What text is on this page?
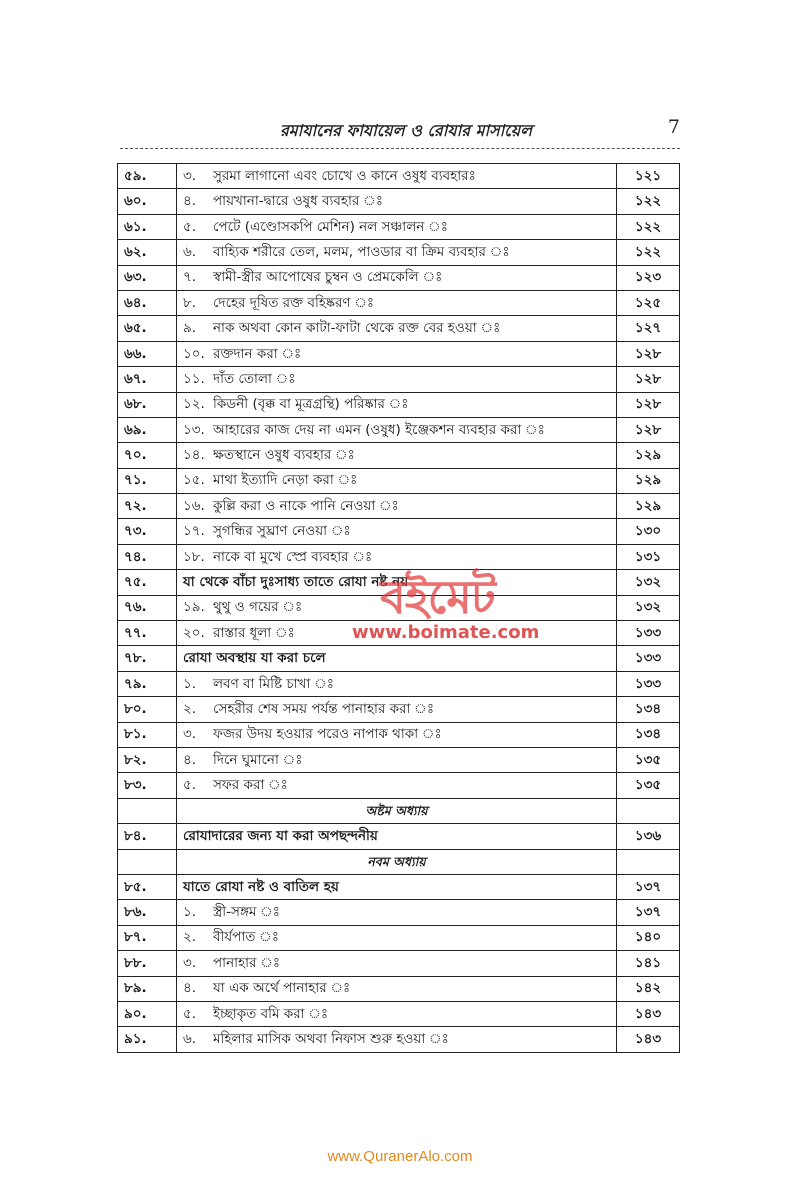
রমাযানের ফাযায়েল ও রোযার মাসায়েল	7
৫৯.	৩. সুরমা লাগানো এবং চোখে ও কানে ওষুধ ব্যবহারঃ	১২১
৬০.	৪. পায়খানা-দ্বারে ওষুধ ব্যবহার ঃ	১২২
৬১.	৫. পেটে (এণ্ডোসকপি মেশিন) নল সঞ্চালন ঃ	১২২
৬২.	৬. বাহ্যিক শরীরে তেল, মলম, পাওডার বা ক্রিম ব্যবহার ঃ	১২২
৬৩.	৭. স্বামী-স্ত্রীর আপোষের চুম্বন ও প্রেমকেলি ঃ	১২৩
৬৪.	৮. দেহের দূষিত রক্ত বহিষ্করণ ঃ	১২৫
৬৫.	৯. নাক অথবা কোন কাটা-ফাটা থেকে রক্ত বের হওয়া ঃ	১২৭
৬৬.	১০. রক্তদান করা ঃ	১২৮
৬৭.	১১. দাঁত তোলা ঃ	১২৮
৬৮.	১২. কিডনী (বৃক্ক বা মূত্রগ্রন্থি) পরিষ্কার ঃ	১২৮
৬৯.	১৩. আহারের কাজ দেয় না এমন (ওষুধ) ইঞ্জেকশন ব্যবহার করা ঃ	১২৮
৭০.	১৪. ক্ষতস্থানে ওষুধ ব্যবহার ঃ	১২৯
৭১.	১৫. মাথা ইত্যাদি নেড়া করা ঃ	১২৯
৭২.	১৬. কুল্লি করা ও নাকে পানি নেওয়া ঃ	১২৯
৭৩.	১৭. সুগন্ধির সুঘ্রাণ নেওয়া ঃ	১৩০
৭৪.	১৮. নাকে বা মুখে স্প্রে ব্যবহার ঃ	১৩১
৭৫.	যা থেকে বাঁচা দুঃসাধ্য তাতে রোযা নষ্ট নয়	১৩২
৭৬.	১৯. থুথু ও গয়ের ঃ	১৩২
৭৭.	২০. রাস্তার ধূলা ঃ	১৩৩
৭৮.	রোযা অবস্থায় যা করা চলে	১৩৩
৭৯.	১. লবণ বা মিষ্টি চাখা ঃ	১৩৩
৮০.	২. সেহরীর শেষ সময় পর্যন্ত পানাহার করা ঃ	১৩৪
৮১.	৩. ফজর উদয় হওয়ার পরেও নাপাক থাকা ঃ	১৩৪
৮২.	৪. দিনে ঘুমানো ঃ	১৩৫
৮৩.	৫. সফর করা ঃ	১৩৫
	অষ্টম অধ্যায়	
৮৪.	রোযাদারের জন্য যা করা অপছন্দনীয়	১৩৬
	নবম অধ্যায়	
৮৫.	যাতে রোযা নষ্ট ও বাতিল হয়	১৩৭
৮৬.	১. স্ত্রী-সঙ্গম ঃ	১৩৭
৮৭.	২. বীর্যপাত ঃ	১৪০
৮৮.	৩. পানাহার ঃ	১৪১
৮৯.	৪. যা এক অর্থে পানাহার ঃ	১৪২
৯০.	৫. ইচ্ছাকৃত বমি করা ঃ	১৪৩
৯১.	৬. মহিলার মাসিক অথবা নিফাস শুরু হওয়া ঃ	১৪৩
বইমেট
www.boimate.com
www.QuranerAlo.com
